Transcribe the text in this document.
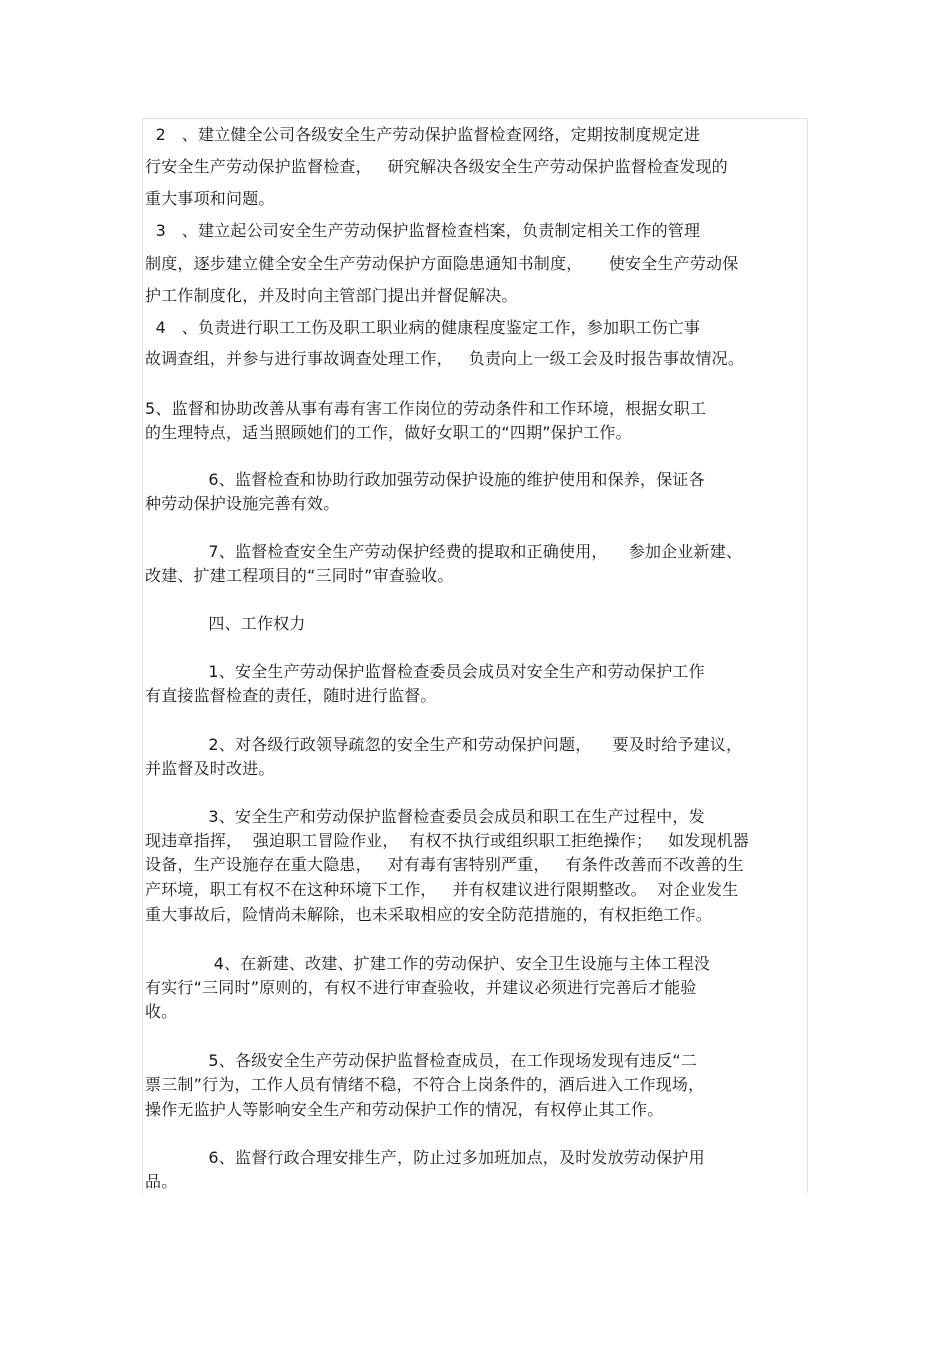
2   、建立健全公司各级安全生产劳动保护监督检查网络，定期按制度规定进
行安全生产劳动保护监督检查，   研究解决各级安全生产劳动保护监督检查发现的
重大事项和问题。
3   、建立起公司安全生产劳动保护监督检查档案，负责制定相关工作的管理
制度，逐步建立健全安全生产劳动保护方面隐患通知书制度，     使安全生产劳动保
护工作制度化，并及时向主管部门提出并督促解决。
4   、负责进行职工工伤及职工职业病的健康程度鉴定工作，参加职工伤亡事
故调查组，并参与进行事故调查处理工作，   负责向上一级工会及时报告事故情况。
5、监督和协助改善从事有毒有害工作岗位的劳动条件和工作环境，根据女职工
的生理特点，适当照顾她们的工作，做好女职工的“四期”保护工作。
6、监督检查和协助行政加强劳动保护设施的维护使用和保养，保证各
种劳动保护设施完善有效。
7、监督检查安全生产劳动保护经费的提取和正确使用，    参加企业新建、
改建、扩建工程项目的“三同时”审查验收。
四、工作权力
1、安全生产劳动保护监督检查委员会成员对安全生产和劳动保护工作
有直接监督检查的责任，随时进行监督。
2、对各级行政领导疏忽的安全生产和劳动保护问题，    要及时给予建议，
并监督及时改进。
3、安全生产和劳动保护监督检查委员会成员和职工在生产过程中，发
现违章指挥，  强迫职工冒险作业，  有权不执行或组织职工拒绝操作；   如发现机器
设备，生产设施存在重大隐患，   对有毒有害特别严重，   有条件改善而不改善的生
产环境，职工有权不在这种环境下工作，   并有权建议进行限期整改。  对企业发生
重大事故后，险情尚未解除，也未采取相应的安全防范措施的，有权拒绝工作。
4、在新建、改建、扩建工作的劳动保护、安全卫生设施与主体工程没
有实行“三同时”原则的，有权不进行审查验收，并建议必须进行完善后才能验
收。
5、各级安全生产劳动保护监督检查成员，在工作现场发现有违反“二
票三制”行为，工作人员有情绪不稳，不符合上岗条件的，酒后进入工作现场，
操作无监护人等影响安全生产和劳动保护工作的情况，有权停止其工作。
6、监督行政合理安排生产，防止过多加班加点，及时发放劳动保护用
品。
